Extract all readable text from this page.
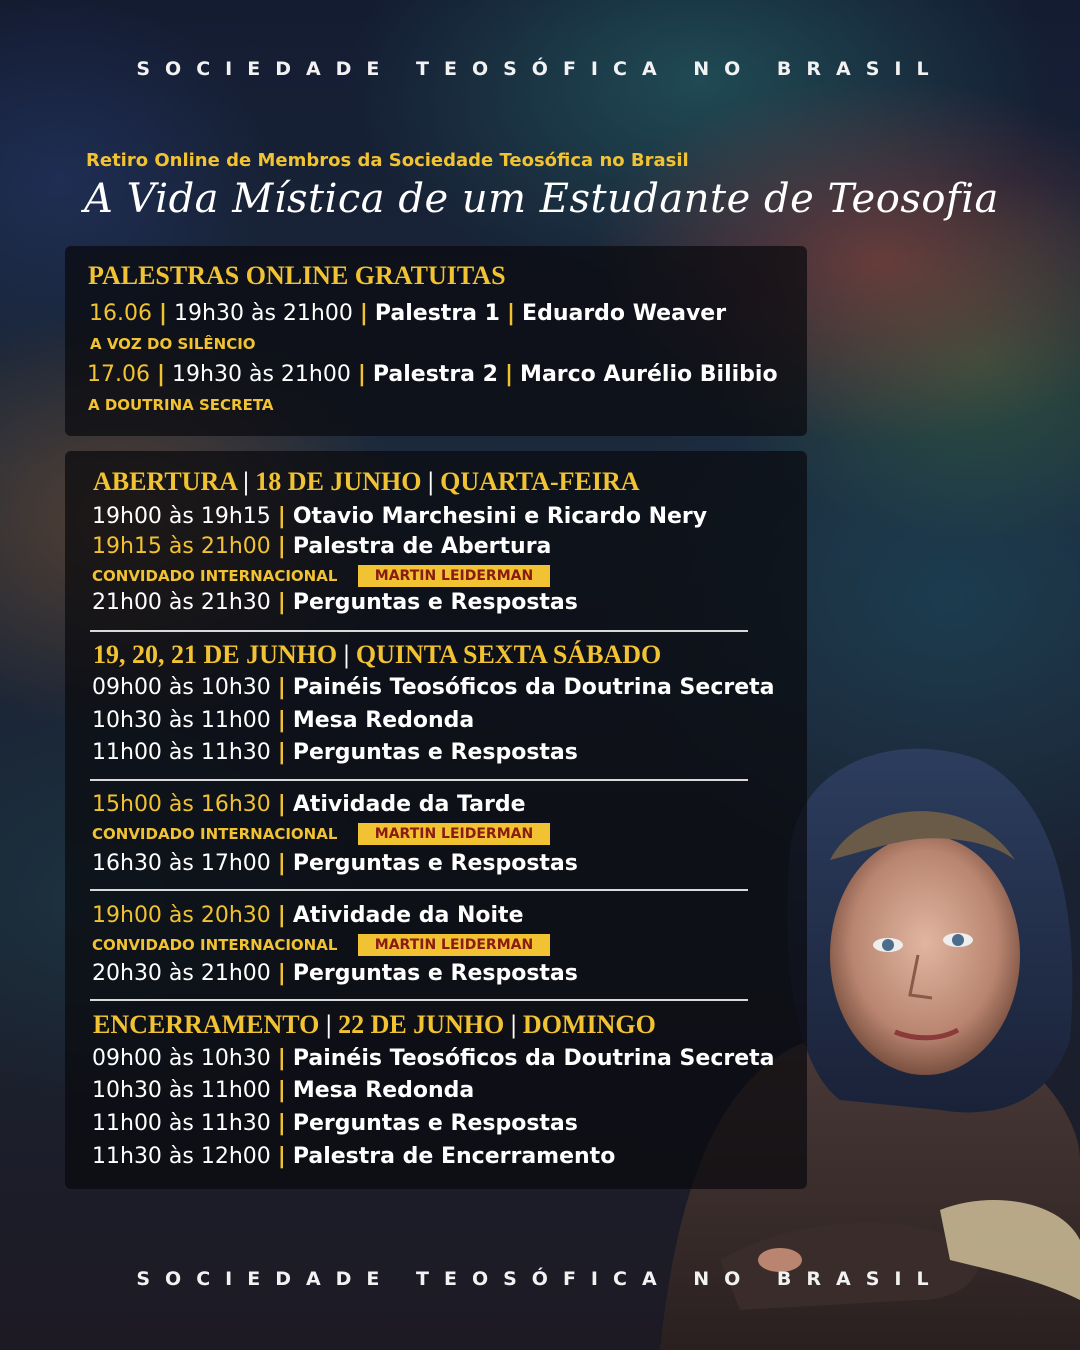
SOCIEDADE TEOSÓFICA NO BRASIL
Retiro Online de Membros da Sociedade Teosófica no Brasil
A Vida Mística de um Estudante de Teosofia
PALESTRAS ONLINE GRATUITAS
16.06 | 19h30 às 21h00 | Palestra 1 | Eduardo Weaver
A VOZ DO SILÊNCIO
17.06 | 19h30 às 21h00 | Palestra 2 | Marco Aurélio Bilibio
A DOUTRINA SECRETA
ABERTURA | 18 DE JUNHO | QUARTA-FEIRA
19h00 às 19h15 | Otavio Marchesini e Ricardo Nery
19h15 às 21h00 | Palestra de Abertura
CONVIDADO INTERNACIONAL	MARTIN LEIDERMAN
21h00 às 21h30 | Perguntas e Respostas
19, 20, 21 DE JUNHO | QUINTA SEXTA SÁBADO
09h00 às 10h30 | Painéis Teosóficos da Doutrina Secreta
10h30 às 11h00 | Mesa Redonda
11h00 às 11h30 | Perguntas e Respostas
15h00 às 16h30 | Atividade da Tarde
CONVIDADO INTERNACIONAL	MARTIN LEIDERMAN
16h30 às 17h00 | Perguntas e Respostas
19h00 às 20h30 | Atividade da Noite
CONVIDADO INTERNACIONAL	MARTIN LEIDERMAN
20h30 às 21h00 | Perguntas e Respostas
ENCERRAMENTO | 22 DE JUNHO | DOMINGO
09h00 às 10h30 | Painéis Teosóficos da Doutrina Secreta
10h30 às 11h00 | Mesa Redonda
11h00 às 11h30 | Perguntas e Respostas
11h30 às 12h00 | Palestra de Encerramento
SOCIEDADE TEOSÓFICA NO BRASIL
